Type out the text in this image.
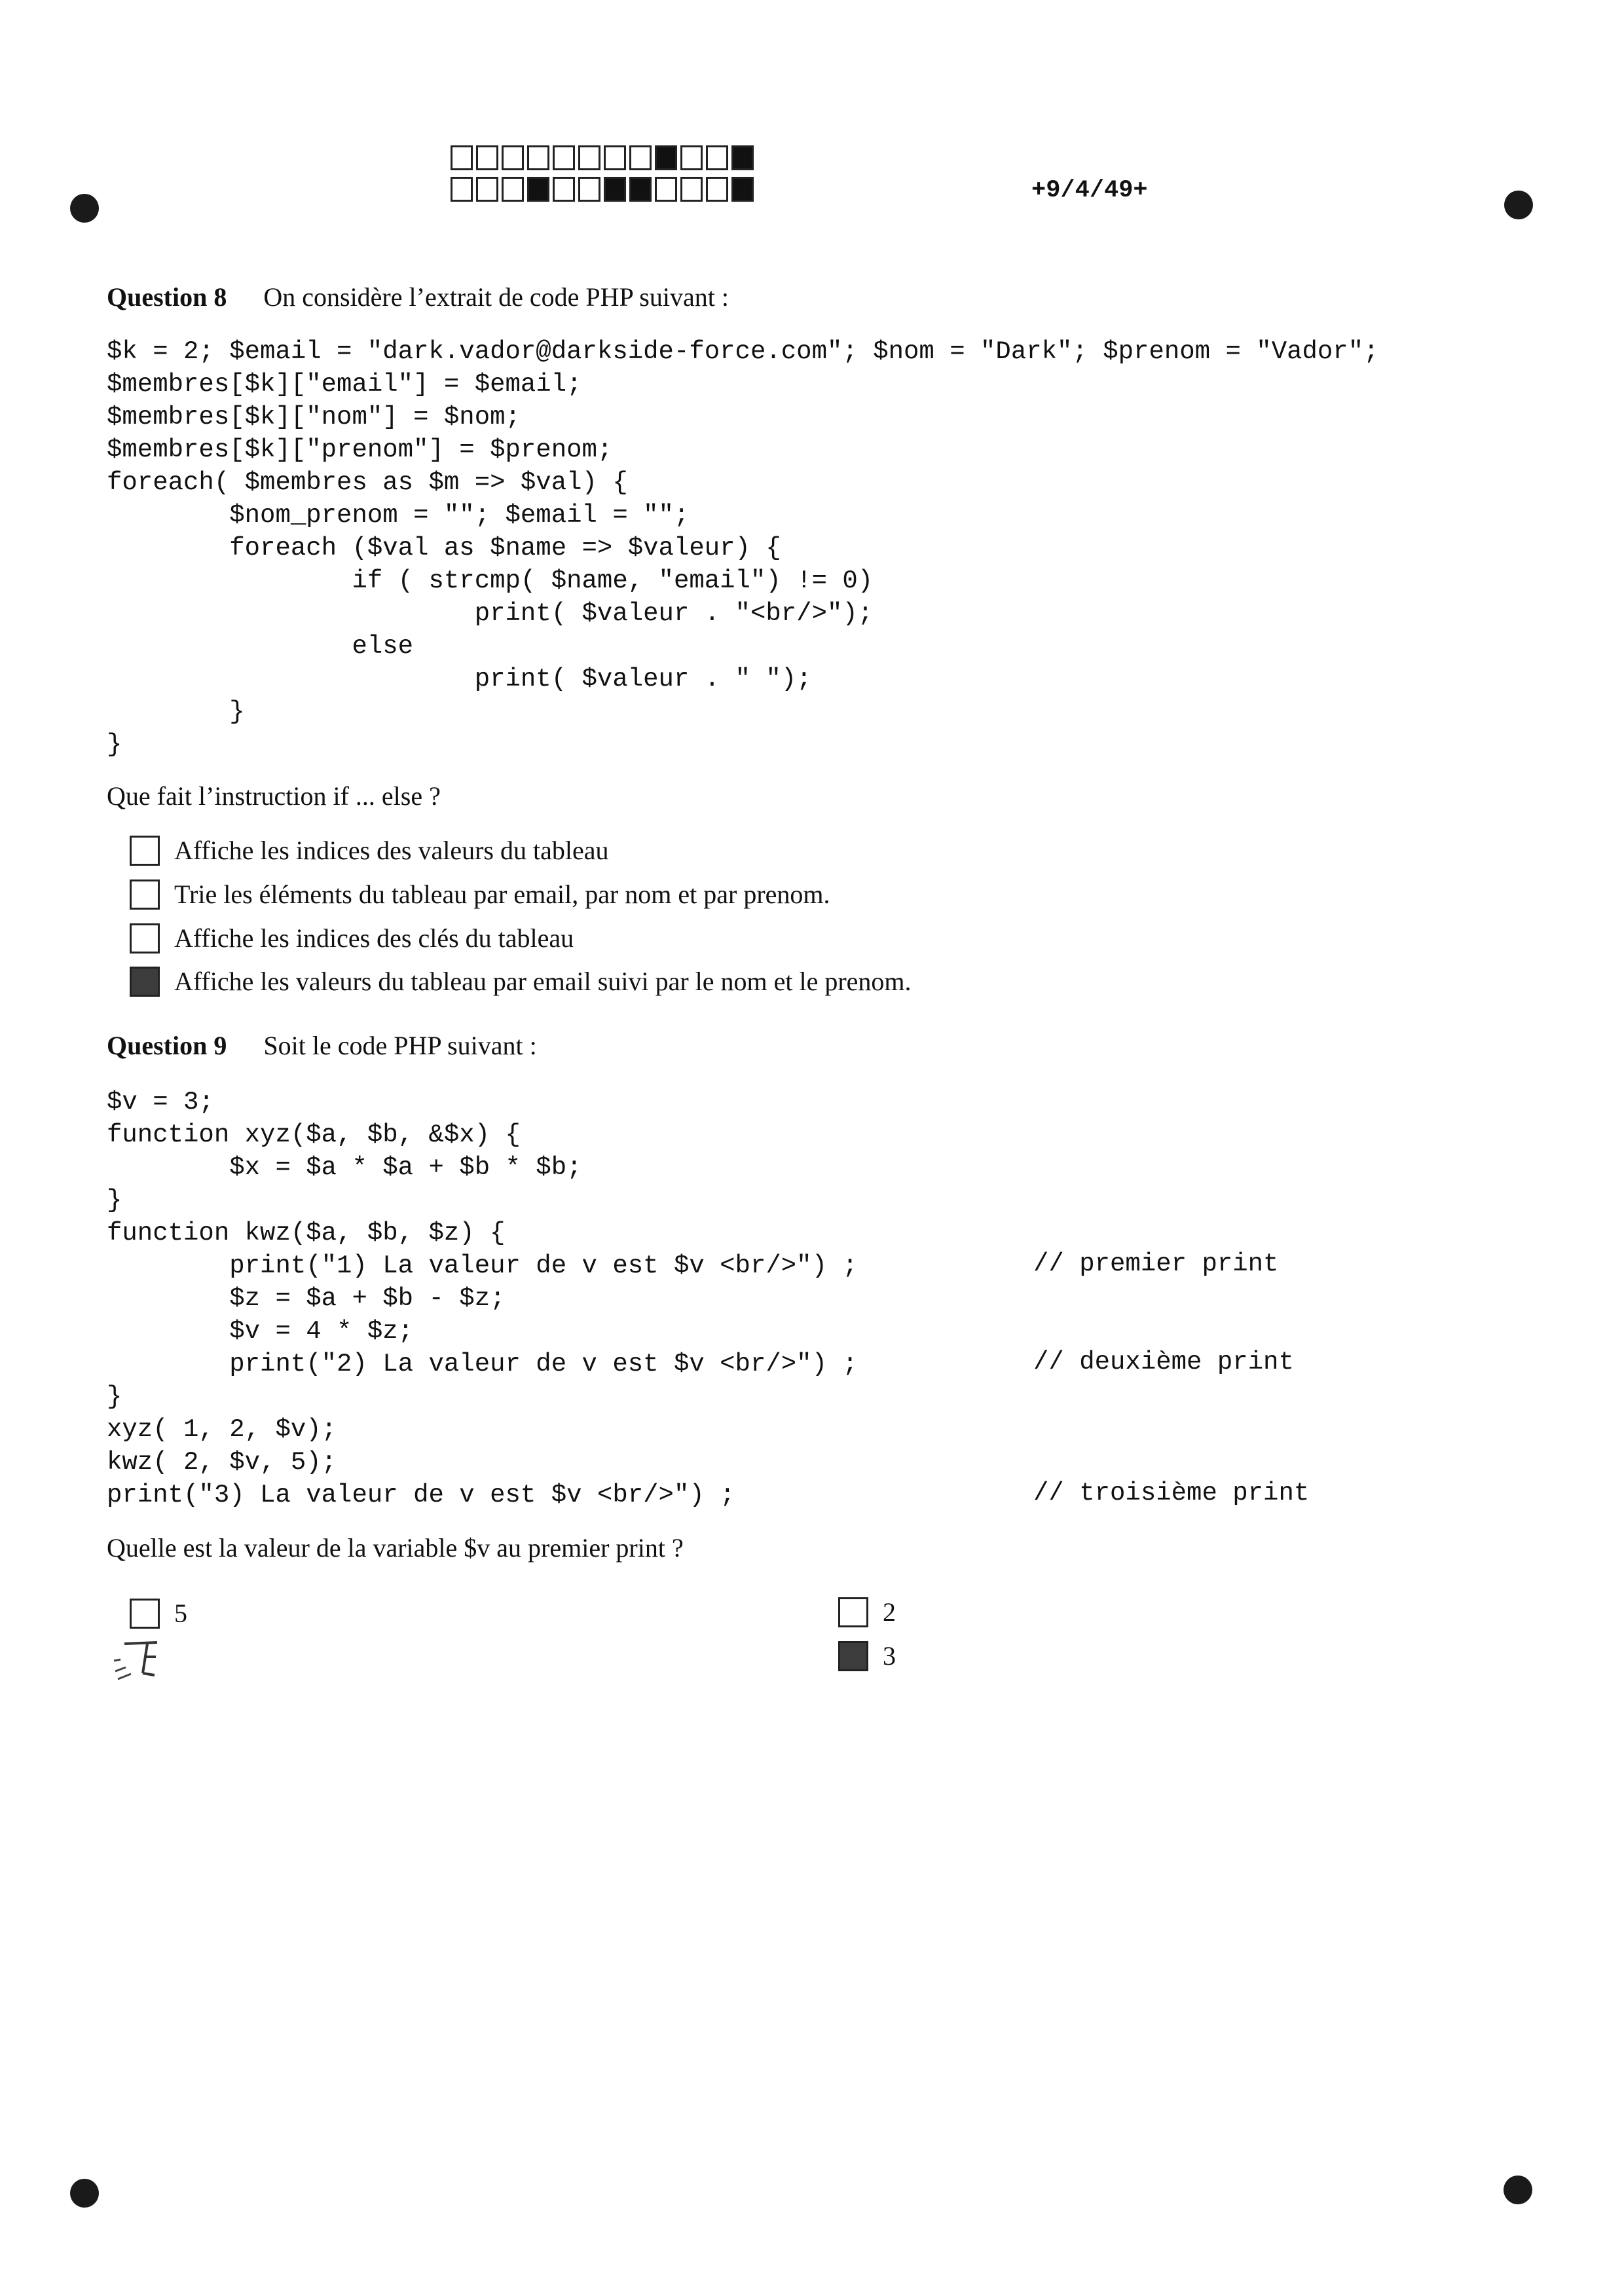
+9/4/49+
Question 8 On considère l’extrait de code PHP suivant :
$k = 2; $email = "dark.vador@darkside-force.com"; $nom = "Dark"; $prenom = "Vador";
$membres[$k]["email"] = $email;
$membres[$k]["nom"] = $nom;
$membres[$k]["prenom"] = $prenom;
foreach( $membres as $m => $val) {
$nom_prenom = ""; $email = "";
foreach ($val as $name => $valeur) {
if ( strcmp( $name, "email") != 0)
print( $valeur . "<br/>");
else
print( $valeur . " ");
}
}
Que fait l’instruction if ... else ?
Affiche les indices des valeurs du tableau
Trie les éléments du tableau par email, par nom et par prenom.
Affiche les indices des clés du tableau
Affiche les valeurs du tableau par email suivi par le nom et le prenom.
Question 9 Soit le code PHP suivant :
$v = 3;
function xyz($a, $b, &$x) {
$x = $a * $a + $b * $b;
}
function kwz($a, $b, $z) {
print("1) La valeur de v est $v <br/>") ;
$z = $a + $b - $z;
$v = 4 * $z;
print("2) La valeur de v est $v <br/>") ;
}
xyz( 1, 2, $v);
kwz( 2, $v, 5);
print("3) La valeur de v est $v <br/>") ;
// premier print
// deuxième print
// troisième print
Quelle est la valeur de la variable $v au premier print ?
5	2
3
